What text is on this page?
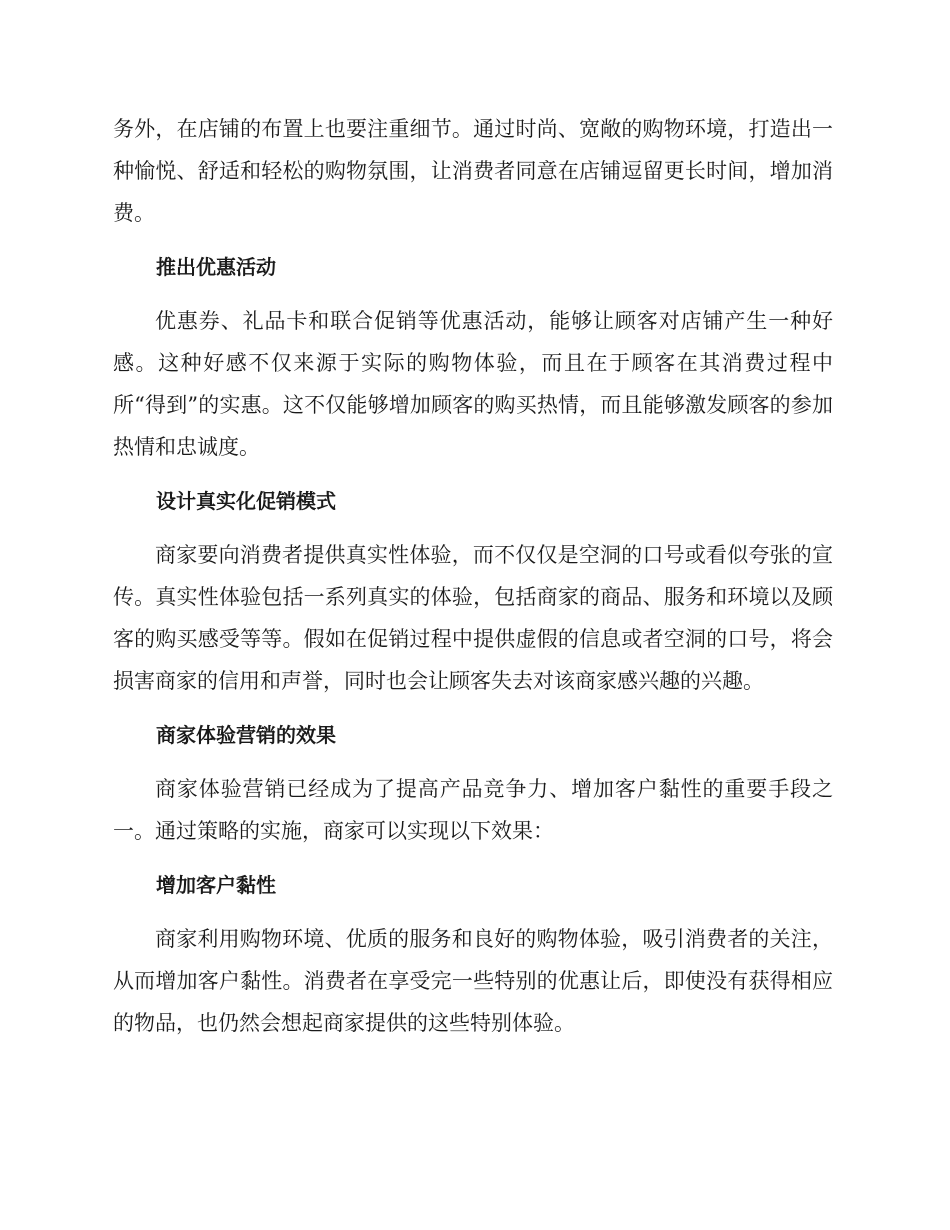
务外，在店铺的布置上也要注重细节。通过时尚、宽敞的购物环境，打造出一种愉悦、舒适和轻松的购物氛围，让消费者同意在店铺逗留更长时间，增加消费。

推出优惠活动

优惠券、礼品卡和联合促销等优惠活动，能够让顾客对店铺产生一种好感。这种好感不仅来源于实际的购物体验，而且在于顾客在其消费过程中所“得到”的实惠。这不仅能够增加顾客的购买热情，而且能够激发顾客的参加热情和忠诚度。

设计真实化促销模式

商家要向消费者提供真实性体验，而不仅仅是空洞的口号或看似夸张的宣传。真实性体验包括一系列真实的体验，包括商家的商品、服务和环境以及顾客的购买感受等等。假如在促销过程中提供虚假的信息或者空洞的口号，将会损害商家的信用和声誉，同时也会让顾客失去对该商家感兴趣的兴趣。

商家体验营销的效果

商家体验营销已经成为了提高产品竞争力、增加客户黏性的重要手段之一。通过策略的实施，商家可以实现以下效果：

增加客户黏性

商家利用购物环境、优质的服务和良好的购物体验，吸引消费者的关注，从而增加客户黏性。消费者在享受完一些特别的优惠让后，即使没有获得相应的物品，也仍然会想起商家提供的这些特别体验。
